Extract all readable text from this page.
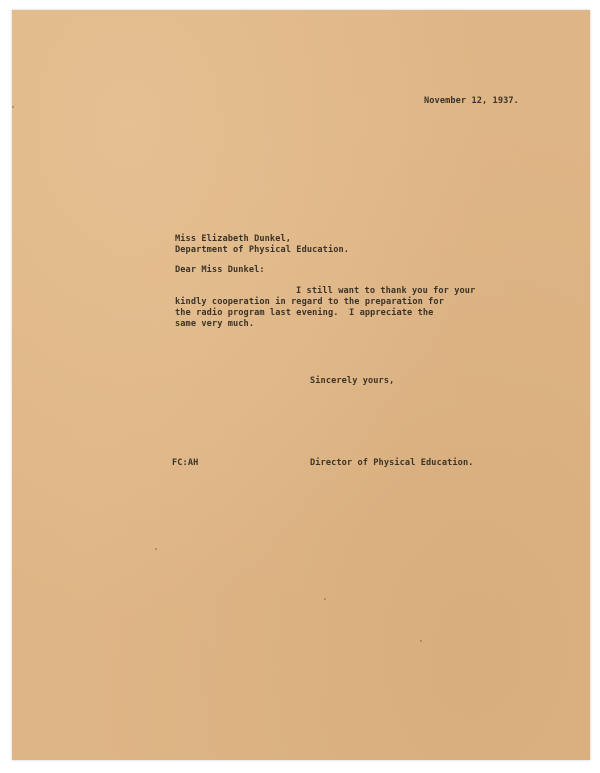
November 12, 1937.

Miss Elizabeth Dunkel,

Department of Physical Education.

Dear Miss Dunkel:

I still want to thank you for your

kindly cooperation in regard to the preparation for

the radio program last evening.  I appreciate the

same very much.

Sincerely yours,

FC:AH	Director of Physical Education.
